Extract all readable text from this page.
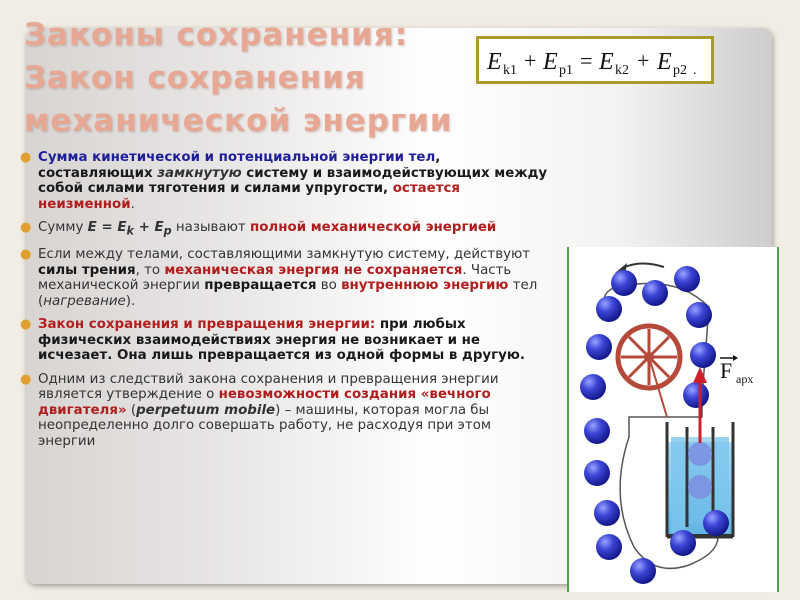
Законы сохранения:
Закон сохранения
механической энергии
E k1 + E p1 = E k2 + E p2 .
● Сумма кинетической и потенциальной энергии тел, составляющих замкнутую систему и взаимодействующих между собой силами тяготения и силами упругости, остается неизменной.
● Сумму $E = E_k + E_p$ называют полной механической энергией
● Если между телами, составляющими замкнутую систему, действуют силы трения, то механическая энергия не сохраняется. Часть механической энергии превращается во внутреннюю энергию тел (нагревание).
● Закон сохранения и превращения энергии: при любых физических взаимодействиях энергия не возникает и не исчезает. Она лишь превращается из одной формы в другую.
● Одним из следствий закона сохранения и превращения энергии является утверждение о невозможности создания «вечного двигателя» (perpetuum mobile) – машины, которая могла бы неопределенно долго совершать работу, не расходуя при этом энергии
F арх
